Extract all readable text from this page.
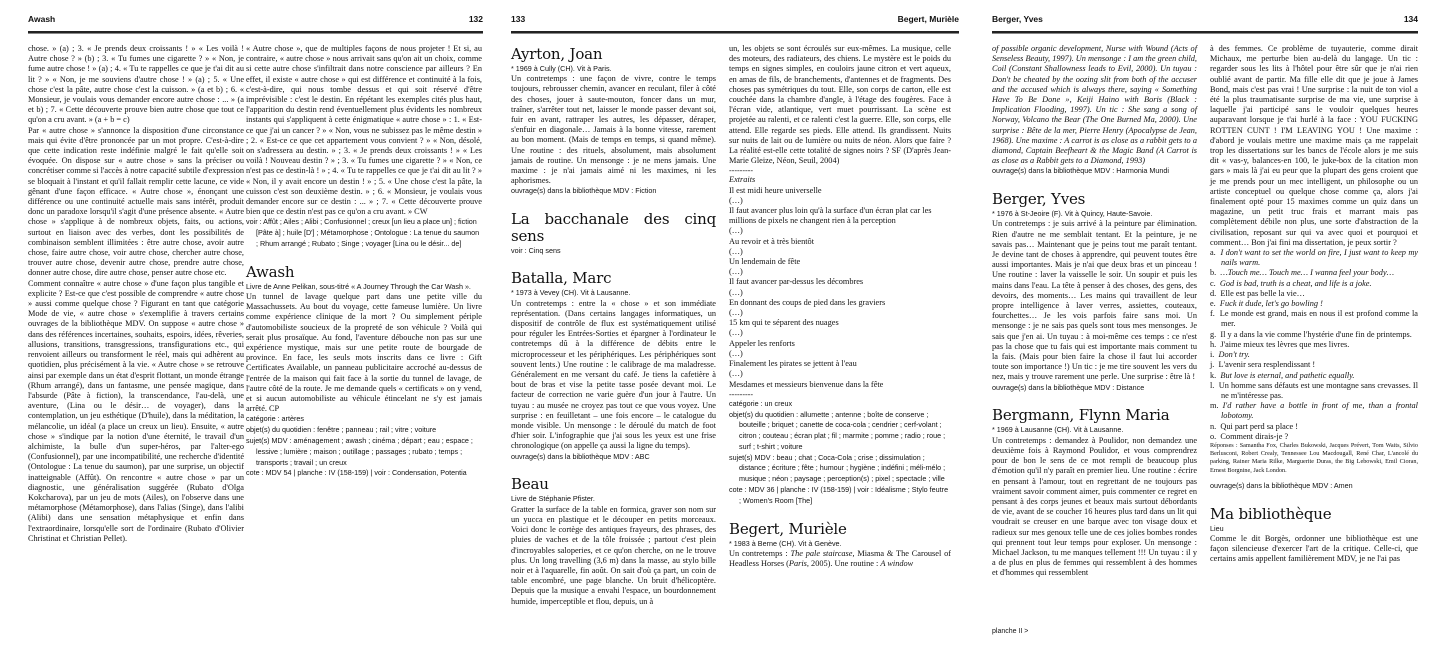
Awash	132

chose. » (a) ; 3. « Je prends deux croissants ! » « Les voilà ! Autre chose ? » (b) ; 3. « Tu fumes une cigarette ? » « Non, je fume autre chose ! » (a) ; 4. « Tu te rappelles ce que je t'ai dit au lit ? » « Non, je me souviens d'autre chose ! » (a) ; 5. « Une chose c'est la pâte, autre chose c'est la cuisson. » (a et b) ; 6. « Monsieur, je voulais vous demander encore autre chose : ... » (a et b) ; 7. « Cette découverte prouve bien autre chose que tout ce qu'on a cru avant. » (a + b = c)

Par « autre chose » s'annonce la disposition d'une circonstance mais qui évite d'être prononcée par un mot propre. C'est-à-dire que cette indication reste indéfinie malgré le fait qu'elle soit évoquée. On dispose sur « autre chose » sans la préciser ou concrétiser comme si l'accès à notre capacité subtile d'expression se bloquait à l'instant et qu'il fallait remplir cette lacune, ce vide gênant d'une façon efficace. « Autre chose », énonçant une différence ou une continuité actuelle mais sans intérêt, produit donc un paradoxe lorsqu'il s'agit d'une présence absente. « Autre chose » s'applique à de nombreux objets, faits, ou actions, surtout en liaison avec des verbes, dont les possibilités de combinaison semblent illimitées : être autre chose, avoir autre chose, faire autre chose, voir autre chose, chercher autre chose, trouver autre chose, devenir autre chose, prendre autre chose, donner autre chose, dire autre chose, penser autre chose etc.

Comment connaître « autre chose » d'une façon plus tangible et explicite ? Est-ce que c'est possible de comprendre « autre chose » aussi comme quelque chose ? Figurant en tant que catégorie Mode de vie, « autre chose » s'exemplifie à travers certains ouvrages de la bibliothèque MDV. On suppose « autre chose » dans des références incertaines, souhaits, espoirs, idées, rêveries, allusions, transitions, transgressions, transfigurations etc., qui renvoient ailleurs ou transforment le réel, mais qui adhèrent au quotidien, plus précisément à la vie. « Autre chose » se retrouve ainsi par exemple dans un état d'esprit flottant, un monde étrange (Rhum arrangé), dans un fantasme, une pensée magique, dans l'absurde (Pâte à fiction), la transcendance, l'au-delà, une aventure, (Lina ou le désir… de voyager), dans la contemplation, un jeu esthétique (D'huile), dans la méditation, la mélancolie, un idéal (a place un creux un lieu). Ensuite, « autre chose » s'indique par la notion d'une éternité, le travail d'un alchimiste, la bulle d'un super-héros, par l'alter-ego (Confusionnel), par une incompatibilité, une recherche d'identité (Ontologue : La tenue du saumon), par une surprise, un objectif inatteignable (Affût). On rencontre « autre chose » par un diagnostic, une généralisation suggérée (Rubato d'Olga Kokcharova), par un jeu de mots (Ailes), on l'observe dans une métamorphose (Métamorphose), dans l'alias (Singe), dans l'alibi (Alibi) dans une sensation métaphysique et enfin dans l'extraordinaire, lorsqu'elle sort de l'ordinaire (Rubato d'Olivier Christinat et Christian Pellet).

« Autre chose », que de multiples façons de nous projeter ! Et si, au contraire, « autre chose » nous arrivait sans qu'on ait un choix, comme si cette autre chose s'infiltrait dans notre conscience par ailleurs ? En effet, il existe « autre chose » qui est différence et continuité à la fois, c'est-à-dire, qui nous tombe dessus et qui soit réservé d'être imprévisible : c'est le destin. En répétant les exemples cités plus haut, l'apparition du destin rend éventuellement plus évidents les nombreux instants qui s'appliquent à cette énigmatique « autre chose » : 1. « Est-ce que j'ai un cancer ? » « Non, vous ne subissez pas le même destin » ; 2. « Est-ce ce que cet appartement vous convient ? » « Non, désolé, on s'adressera au destin. » ; 3. « Je prends deux croissants ! » « Les voilà ! Nouveau destin ? » ; 3. « Tu fumes une cigarette ? » « Non, ce n'est pas ce destin-là ! » ; 4. « Tu te rappelles ce que je t'ai dit au lit ? » « Non, il y avait encore un destin ! » ; 5. « Une chose c'est la pâte, la cuisson c'est son deuxième destin. » ; 6. « Monsieur, je voulais vous demander encore sur ce destin : ... » ; 7. « Cette découverte prouve bien que ce destin n'est pas ce qu'on a cru avant. » CW

voir : Affût ; Ailes ; Alibi ; Confusionnel ; creux [un lieu a place un] ; fiction [Pâte à] ; huile [D'] ; Métamorphose ; Ontologue : La tenue du saumon ; Rhum arrangé ; Rubato ; Singe ; voyager [Lina ou le désir... de]

Awash

Livre de Anne Pelikan, sous-titré « A Journey Through the Car Wash ».

Un tunnel de lavage quelque part dans une petite ville du Massachussets. Au bout du voyage, cette fameuse lumière. Un livre comme expérience clinique de la mort ? Ou simplement périple d'automobiliste soucieux de la propreté de son véhicule ? Voilà qui serait plus prosaïque. Au fond, l'aventure débouche non pas sur une expérience mystique, mais sur une petite route de bourgade de province. En face, les seuls mots inscrits dans ce livre : Gift Certificates Available, un panneau publicitaire accroché au-dessus de l'entrée de la maison qui fait face à la sortie du tunnel de lavage, de l'autre côté de la route. Je me demande quels « certificats » on y vend, et si aucun automobiliste au véhicule étincelant ne s'y est jamais arrêté. CP

catégorie : artères

objet(s) du quotidien : fenêtre ; panneau ; rail ; vitre ; voiture

sujet(s) MDV : aménagement ; awash ; cinéma ; départ ; eau ; espace ; lessive ; lumière ; maison ; outillage ; passages ; rubato ; temps ; transports ; travail ; un creux

cote : MDV 54 | planche : IV (158-159) | voir : Condensation, Potentia

133	Begert, Murièle
Ayrton, Joan

* 1969 à Cully (CH). Vit à Paris.

Un contretemps : une façon de vivre, contre le temps toujours, rebrousser chemin, avancer en reculant, filer à côté des choses, jouer à saute-mouton, foncer dans un mur, traîner, s'arrêter tout net, laisser le monde passer devant soi, fuir en avant, rattraper les autres, les dépasser, déraper, s'enfuir en diagonale… Jamais à la bonne vitesse, rarement au bon moment. (Mais de temps en temps, si quand même). Une routine : des rituels, absolument, mais absolument jamais de routine. Un mensonge : je ne mens jamais. Une maxime : je n'ai jamais aimé ni les maximes, ni les aphorismes.

ouvrage(s) dans la bibliothèque MDV : Fiction

La bacchanale des cinq sens

voir : Cinq sens

Batalla, Marc

* 1973 à Vevey (CH). Vit à Lausanne.

Un contretemps : entre la « chose » et son immédiate représentation. (Dans certains langages informatiques, un dispositif de contrôle de flux est systématiquement utilisé pour réguler les Entrées-Sorties et épargner à l'ordinateur le contretemps dû à la différence de débits entre le microprocesseur et les périphériques. Les périphériques sont souvent lents.) Une routine : le calibrage de ma maladresse. Généralement en me versant du café. Je tiens la cafetière à bout de bras et vise la petite tasse posée devant moi. Le facteur de correction ne varie guère d'un jour à l'autre. Un tuyau : au musée ne croyez pas tout ce que vous voyez. Une surprise : en feuilletant – une fois encore – le catalogue du monde visible. Un mensonge : le déroulé du match de foot d'hier soir. L'infographie que j'ai sous les yeux est une frise chronologique (on appelle ça aussi la ligne du temps).

ouvrage(s) dans la bibliothèque MDV : ABC

Beau

Livre de Stéphanie Pfister.

Gratter la surface de la table en formica, graver son nom sur un yucca en plastique et le découper en petits morceaux. Voici donc le cortège des antiques frayeurs, des phrases, des pluies de vaches et de la tôle froissée ; partout c'est plein d'incroyables saloperies, et ce qu'on cherche, on ne le trouve plus. Un long travelling (3,6 m) dans la masse, au stylo bille noir et à l'aquarelle, fin août. On sait d'où ça part, un coin de table encombré, une page blanche. Un bruit d'hélicoptère. Depuis que la musique a envahi l'espace, un bourdonnement humide, imperceptible et flou, depuis, un à

un, les objets se sont écroulés sur eux-mêmes. La musique, celle des moteurs, des radiateurs, des chiens. Le mystère est le poids du temps en signes simples, en couloirs jaune citron et vert aqueux, en amas de fils, de branchements, d'antennes et de fragments. Des choses pas symétriques du tout. Elle, son corps de carton, elle est couchée dans la chambre d'angle, à l'étage des fougères. Face à l'écran vide, atlantique, vert muet pourrissant. La scène est projetée au ralenti, et ce ralenti c'est la guerre. Elle, son corps, elle attend. Elle regarde ses pieds. Elle attend. Ils grandissent. Nuits sur nuits de lait ou de lumière ou nuits de néon. Alors que faire ? La réalité est-elle cette totalité de signes noirs ? SF (D'après Jean-Marie Gleize, Néon, Seuil, 2004)

---------

Extraits

Il est midi heure universelle

(…)

Il faut avancer plus loin qu'à la surface d'un écran plat car les millions de pixels ne changent rien à la perception

(…)

Au revoir et à très bientôt

(…)

Un lendemain de fête

(…)

Il faut avancer par-dessus les décombres

(…)

En donnant des coups de pied dans les graviers

(…)

15 km qui te séparent des nuages

(…)

Appeler les renforts

(…)

Finalement les pirates se jettent à l'eau

(…)

Mesdames et messieurs bienvenue dans la fête

---------

catégorie : un creux

objet(s) du quotidien : allumette ; antenne ; boîte de conserve ; bouteille ; briquet ; canette de coca-cola ; cendrier ; cerf-volant ; citron ; couteau ; écran plat ; fil ; marmite ; pomme ; radio ; roue ; surf ; t-shirt ; voiture

sujet(s) MDV : beau ; chat ; Coca-Cola ; crise ; dissimulation ; distance ; écriture ; fête ; humour ; hygiène ; indéfini ; méli-mélo ; musique ; néon ; paysage ; perception(s) ; pixel ; spectacle ; ville

cote : MDV 36 | planche : IV (158-159) | voir : Idéalisme ; Stylo feutre ; Women's Room [The]

Begert, Murièle

* 1983 à Berne (CH). Vit à Genève.

Un contretemps : The pale staircase, Miasma & The Carousel of Headless Horses (Paris, 2005). Une routine : A window

Berger, Yves	134

of possible organic development, Nurse with Wound (Acts of Senseless Beauty, 1997). Un mensonge : I am the green child, Coil (Constant Shallowness leads to Evil, 2000). Un tuyau : Don't be cheated by the oozing slit from both of the accuser and the accused which is always there, saying « Something Have To Be Done », Keiji Haino with Boris (Black : Implication Flooding, 1997). Un tic : She sang a song of Norway, Volcano the Bear (The One Burned Ma, 2000). Une surprise : Bête de la mer, Pierre Henry (Apocalypse de Jean, 1968). Une maxime : A carrot is as close as a rabbit gets to a diamond, Captain Beefheart & the Magic Band (A Carrot is as close as a Rabbit gets to a Diamond, 1993)

ouvrage(s) dans la bibliothèque MDV : Harmonia Mundi

Berger, Yves

* 1976 à St-Jeoire (F). Vit à Quincy, Haute-Savoie.

Un contretemps : je suis arrivé à la peinture par élimination. Rien d'autre ne me semblait tentant. Et la peinture, je ne savais pas… Maintenant que je peins tout me paraît tentant. Je devine tant de choses à apprendre, qui peuvent toutes être aussi importantes. Mais je n'ai que deux bras et un pinceau ! Une routine : laver la vaisselle le soir. Un soupir et puis les mains dans l'eau. La tête à penser à des choses, des gens, des devoirs, des moments… Les mains qui travaillent de leur propre intelligence à laver verres, assiettes, couteaux, fourchettes… Je les vois parfois faire sans moi. Un mensonge : je ne sais pas quels sont tous mes mensonges. Je sais que j'en ai. Un tuyau : à moi-même ces temps : ce n'est pas la chose que tu fais qui est importante mais comment tu la fais. (Mais pour bien faire la chose il faut lui accorder toute son importance !) Un tic : je me tire souvent les vers du nez, mais y trouve rarement une perle. Une surprise : être là !

ouvrage(s) dans la bibliothèque MDV : Distance

Bergmann, Flynn Maria

* 1969 à Lausanne (CH). Vit à Lausanne.

Un contretemps : demandez à Poulidor, non demandez une deuxième fois à Raymond Poulidor, et vous comprendrez pour de bon le sens de ce mot rempli de beaucoup plus d'émotion qu'il n'y paraît en premier lieu. Une routine : écrire en pensant à l'amour, tout en regrettant de ne toujours pas vraiment savoir comment aimer, puis commenter ce regret en pensant à des corps jeunes et beaux mais surtout débordants de vie, avant de se coucher 16 heures plus tard dans un lit qui voudrait se creuser en une barque avec ton visage doux et radieux sur mes genoux telle une de ces jolies bombes rondes qui prennent tout leur temps pour exploser. Un mensonge : Michael Jackson, tu me manques tellement !!! Un tuyau : il y a de plus en plus de femmes qui ressemblent à des hommes et d'hommes qui ressemblent

planche II >

à des femmes. Ce problème de tuyauterie, comme dirait Michaux, me perturbe bien au-delà du langage. Un tic : regarder sous les lits à l'hôtel pour être sûr que je n'ai rien oublié avant de partir. Ma fille elle dit que je joue à James Bond, mais c'est pas vrai ! Une surprise : la nuit de ton viol a été la plus traumatisante surprise de ma vie, une surprise à laquelle j'ai participé sans le vouloir quelques heures auparavant lorsque je t'ai hurlé à la face : YOU FUCKING ROTTEN CUNT ! I'M LEAVING YOU ! Une maxime : d'abord je voulais mettre une maxime mais ça me rappelait trop les dissertations sur les bancs de l'école alors je me suis dit « vas-y, balances-en 100, le juke-box de la citation mon gars » mais là j'ai eu peur que la plupart des gens croient que je me prends pour un mec intelligent, un philosophe ou un artiste conceptuel ou quelque chose comme ça, alors j'ai finalement opté pour 15 maximes comme un quiz dans un magazine, un petit truc frais et marrant mais pas complètement débile non plus, une sorte d'abstraction de la civilisation, reposant sur qui va avec quoi et pourquoi et comment… Bon j'ai fini ma dissertation, je peux sortir ?

a. I don't want to set the world on fire, I just want to keep my nails warm.
b. …Touch me… Touch me… I wanna feel your body…
c. God is bad, truth is a cheat, and life is a joke.
d. Elle est pas belle la vie…
e. Fuck it dude, let's go bowling !
f. Le monde est grand, mais en nous il est profond comme la mer.
g. Il y a dans la vie comme l'hystérie d'une fin de printemps.
h. J'aime mieux tes lèvres que mes livres.
i. Don't try.
j. L'avenir sera resplendissant !
k. But love is eternal, and pathetic equally.
l. Un homme sans défauts est une montagne sans crevasses. Il ne m'intéresse pas.
m. I'd rather have a bottle in front of me, than a frontal lobotomy.
n. Qui part perd sa place !
o. Comment dirais-je ?

Réponses : Samantha Fox, Charles Bukowski, Jacques Prévert, Tom Waits, Silvio Berlusconi, Robert Crealy, Tennessee Lou Macdougall, René Char, L'ancolé du parking, Rainer Maria Rilke, Marguerite Duras, the Big Lebowski, Emil Cioran, Ernest Borgnine, Jack London.

ouvrage(s) dans la bibliothèque MDV : Amen

Ma bibliothèque

Lieu

Comme le dit Borgès, ordonner une bibliothèque est une façon silencieuse d'exercer l'art de la critique. Celle-ci, que certains amis appellent familièrement MDV, je ne l'ai pas
